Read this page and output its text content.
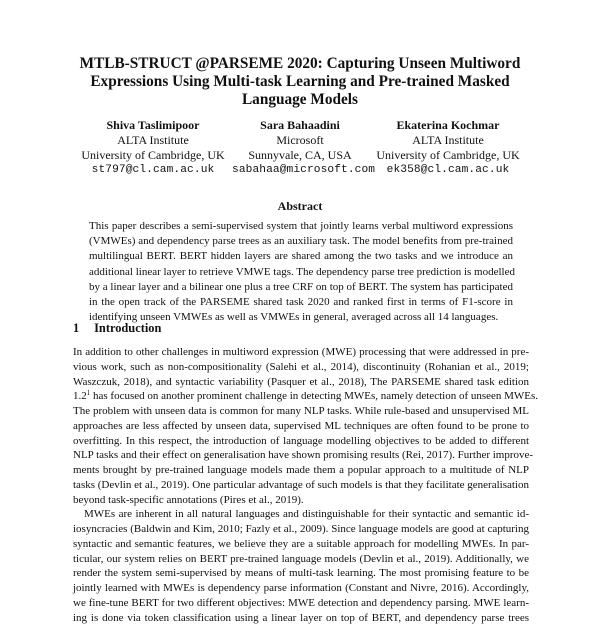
MTLB-STRUCT @PARSEME 2020: Capturing Unseen Multiword
Expressions Using Multi-task Learning and Pre-trained Masked
Language Models
Shiva Taslimipoor
ALTA Institute
University of Cambridge, UK
st797@cl.cam.ac.uk
Sara Bahaadini
Microsoft
Sunnyvale, CA, USA
sabahaa@microsoft.com
Ekaterina Kochmar
ALTA Institute
University of Cambridge, UK
ek358@cl.cam.ac.uk
Abstract
This paper describes a semi-supervised system that jointly learns verbal multiword expressions
(VMWEs) and dependency parse trees as an auxiliary task. The model benefits from pre-trained
multilingual BERT. BERT hidden layers are shared among the two tasks and we introduce an
additional linear layer to retrieve VMWE tags. The dependency parse tree prediction is modelled
by a linear layer and a bilinear one plus a tree CRF on top of BERT. The system has participated
in the open track of the PARSEME shared task 2020 and ranked first in terms of F1-score in
identifying unseen VMWEs as well as VMWEs in general, averaged across all 14 languages.
1 Introduction
In addition to other challenges in multiword expression (MWE) processing that were addressed in pre-
vious work, such as non-compositionality (Salehi et al., 2014), discontinuity (Rohanian et al., 2019;
Waszczuk, 2018), and syntactic variability (Pasquer et al., 2018), The PARSEME shared task edition
$1.2^1$ has focused on another prominent challenge in detecting MWEs, namely detection of unseen MWEs.
The problem with unseen data is common for many NLP tasks. While rule-based and unsupervised ML
approaches are less affected by unseen data, supervised ML techniques are often found to be prone to
overfitting. In this respect, the introduction of language modelling objectives to be added to different
NLP tasks and their effect on generalisation have shown promising results (Rei, 2017). Further improve-
ments brought by pre-trained language models made them a popular approach to a multitude of NLP
tasks (Devlin et al., 2019). One particular advantage of such models is that they facilitate generalisation
beyond task-specific annotations (Pires et al., 2019).
MWEs are inherent in all natural languages and distinguishable for their syntactic and semantic id-
iosyncracies (Baldwin and Kim, 2010; Fazly et al., 2009). Since language models are good at capturing
syntactic and semantic features, we believe they are a suitable approach for modelling MWEs. In par-
ticular, our system relies on BERT pre-trained language models (Devlin et al., 2019). Additionally, we
render the system semi-supervised by means of multi-task learning. The most promising feature to be
jointly learned with MWEs is dependency parse information (Constant and Nivre, 2016). Accordingly,
we fine-tune BERT for two different objectives: MWE detection and dependency parsing. MWE learn-
ing is done via token classification using a linear layer on top of BERT, and dependency parse trees
